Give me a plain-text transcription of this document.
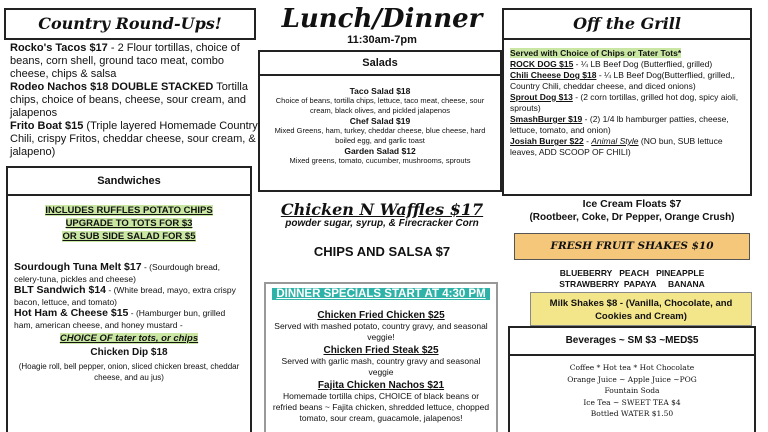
Country Round-Ups!

Rocko's Tacos $17 - 2 Flour tortillas, choice of beans, corn shell, ground taco meat, combo cheese, chips & salsa

Rodeo Nachos $18 DOUBLE STACKED Tortilla chips, choice of beans, cheese, sour cream, and jalapenos

Frito Boat $15 (Triple layered Homemade Country Chili, crispy Fritos, cheddar cheese, sour cream, & jalapeno)

Lunch/Dinner
11:30am-7pm
Salads

Taco Salad $18

Choice of beans, tortilla chips, lettuce, taco meat, cheese, sour cream, black olives, and pickled jalapenos

Chef Salad $19

Mixed Greens, ham, turkey, cheddar cheese, blue cheese, hard boiled egg, and garlic toast

Garden Salad $12

Mixed greens, tomato, cucumber, mushrooms, sprouts

Off the Grill

Served with Choice of Chips or Tater Tots*

ROCK DOG $15 - ¼ LB Beef Dog (Butterflied, grilled)

Chili Cheese Dog $18 - ¼ LB Beef Dog(Butterflied, grilled,, Country Chili, cheddar cheese, and diced onions)

Sprout Dog $13 - (2 corn tortillas, grilled hot dog, spicy aioli, sprouts)

SmashBurger $19 - (2) 1/4 lb hamburger patties, cheese, lettuce, tomato, and onion)

Josiah Burger $22 - Animal Style (NO bun, SUB lettuce leaves, ADD SCOOP OF CHILI)

Sandwiches

INCLUDES RUFFLES POTATO CHIPS

UPGRADE TO TOTS FOR $3

OR SUB SIDE SALAD FOR $5

Sourdough Tuna Melt $17 - (Sourdough bread, celery-tuna, pickles and cheese)

BLT Sandwich $14 - (White bread, mayo, extra crispy bacon, lettuce, and tomato)

Hot Ham & Cheese $15 - (Hamburger bun, grilled ham, american cheese, and honey mustard -

CHOICE OF tater tots, or chips

Chicken Dip $18

(Hoagie roll, bell pepper, onion, sliced chicken breast, cheddar cheese, and au jus)

Chicken N Waffles $17
powder sugar, syrup, & Firecracker Corn
CHIPS AND SALSA $7
DINNER SPECIALS START AT 4:30 PM

Chicken Fried Chicken $25

Served with mashed potato, country gravy, and seasonal veggie!

Chicken Fried Steak $25

Served with garlic mash, country gravy and seasonal veggie

Fajita Chicken Nachos $21

Homemade tortilla chips, CHOICE of black beans or refried beans ~ Fajita chicken, shredded lettuce, chopped tomato, sour cream, guacamole, jalapenos!

Ice Cream Floats $7
(Rootbeer, Coke, Dr Pepper, Orange Crush)
FRESH FRUIT SHAKES $10
BLUEBERRY   PEACH   PINEAPPLE
STRAWBERRY  PAPAYA     BANANA
Milk Shakes $8 - (Vanilla, Chocolate, and Cookies and Cream)
Beverages ~ SM $3 ~MED$5

Coffee * Hot tea * Hot Chocolate

Orange Juice ~ Apple Juice ~POG

Fountain Soda

Ice Tea ~ SWEET TEA $4

Bottled WATER $1.50
